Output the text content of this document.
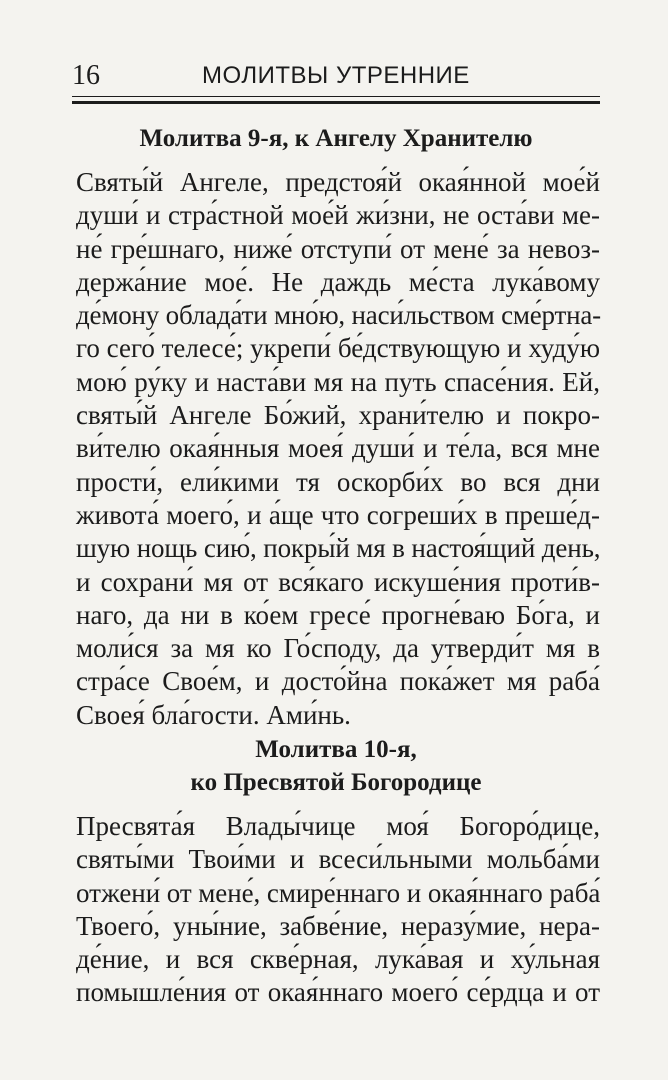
16	МОЛИТВЫ УТРЕННИЕ
Молитва 9-я, к Ангелу Хранителю
Святы́й Ангеле, предстоя́й окая́нной мое́й
души́ и стра́стной мое́й жи́зни, не оста́ви ме-
не́ гре́шнаго, ниже́ отступи́ от мене́ за невоз-
держа́ние мое́. Не даждь ме́ста лука́вому
де́мону облада́ти мно́ю, наси́льством сме́ртна-
го сего́ телесе́; укрепи́ бе́дствующую и худу́ю
мою́ ру́ку и наста́ви мя на путь спасе́ния. Ей,
святы́й Ангеле Бо́жий, храни́телю и покро-
ви́телю окая́нныя моея́ души́ и те́ла, вся мне
прости́, ели́кими тя оскорби́х во вся дни
живота́ моего́, и а́ще что согреши́х в преше́д-
шую нощь сию́, покры́й мя в настоя́щий день,
и сохрани́ мя от вся́каго искуше́ния проти́в-
наго, да ни в ко́ем гресе́ прогне́ваю Бо́га, и
моли́ся за мя ко Го́споду, да утверди́т мя в
стра́се Свое́м, и досто́йна пока́жет мя раба́
Своея́ бла́гости. Ами́нь.
Молитва 10-я,
ко Пресвятой Богородице
Пресвята́я Влады́чице моя́ Богоро́дице,
святы́ми Твои́ми и всеси́льными мольба́ми
отжени́ от мене́, смире́ннаго и окая́ннаго раба́
Твоего́, уны́ние, забве́ние, неразу́мие, нера-
де́ние, и вся скве́рная, лука́вая и ху́льная
помышле́ния от окая́ннаго моего́ се́рдца и от
